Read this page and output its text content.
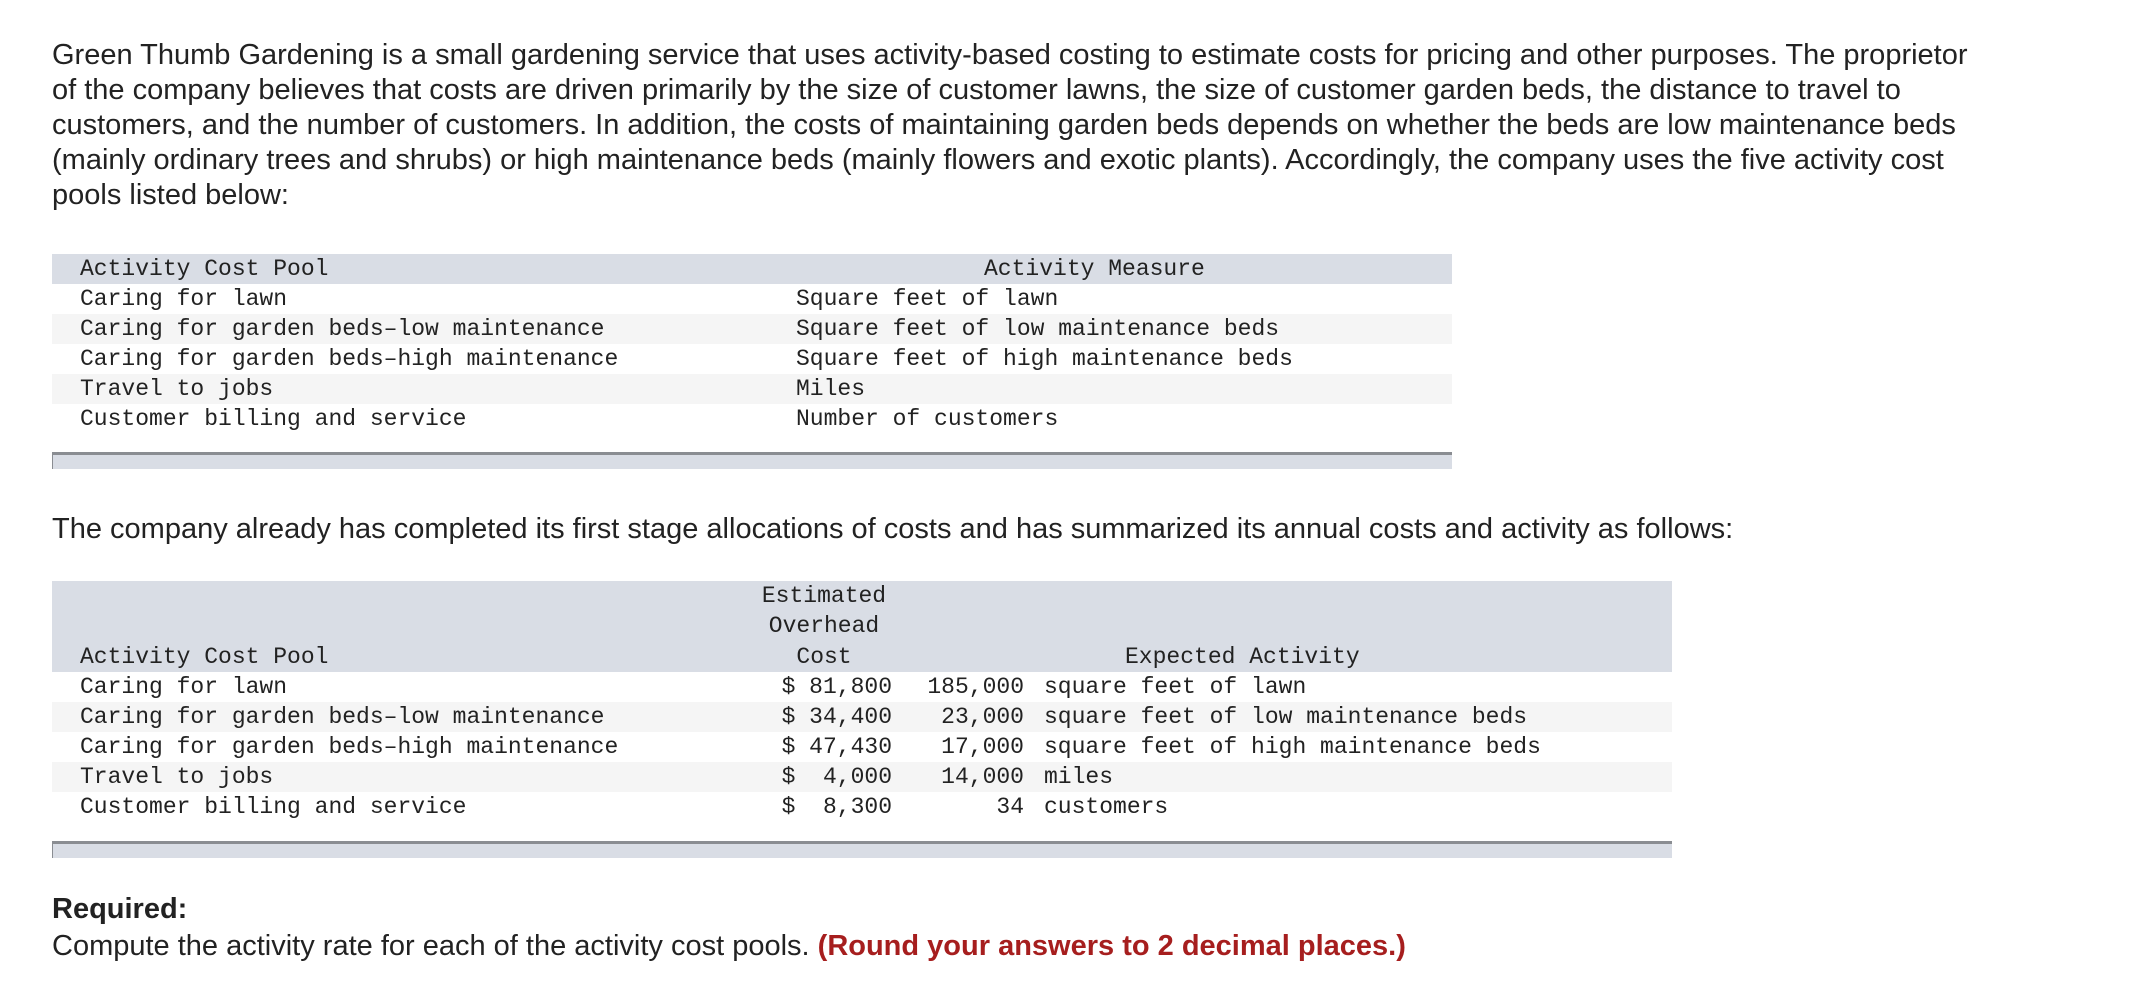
Green Thumb Gardening is a small gardening service that uses activity-based costing to estimate costs for pricing and other purposes. The proprietor of the company believes that costs are driven primarily by the size of customer lawns, the size of customer garden beds, the distance to travel to customers, and the number of customers. In addition, the costs of maintaining garden beds depends on whether the beds are low maintenance beds (mainly ordinary trees and shrubs) or high maintenance beds (mainly flowers and exotic plants). Accordingly, the company uses the five activity cost pools listed below:

Activity Cost Pool	Activity Measure
Caring for lawn	Square feet of lawn
Caring for garden beds–low maintenance	Square feet of low maintenance beds
Caring for garden beds–high maintenance	Square feet of high maintenance beds
Travel to jobs	Miles
Customer billing and service	Number of customers

The company already has completed its first stage allocations of costs and has summarized its annual costs and activity as follows:

Estimated
Overhead
Activity Cost Pool	Cost	Expected Activity
Caring for lawn	$ 81,800	185,000 square feet of lawn
Caring for garden beds–low maintenance	$ 34,400	23,000 square feet of low maintenance beds
Caring for garden beds–high maintenance	$ 47,430	17,000 square feet of high maintenance beds
Travel to jobs	$  4,000	14,000 miles
Customer billing and service	$  8,300	34 customers
Required:
Compute the activity rate for each of the activity cost pools. (Round your answers to 2 decimal places.)
